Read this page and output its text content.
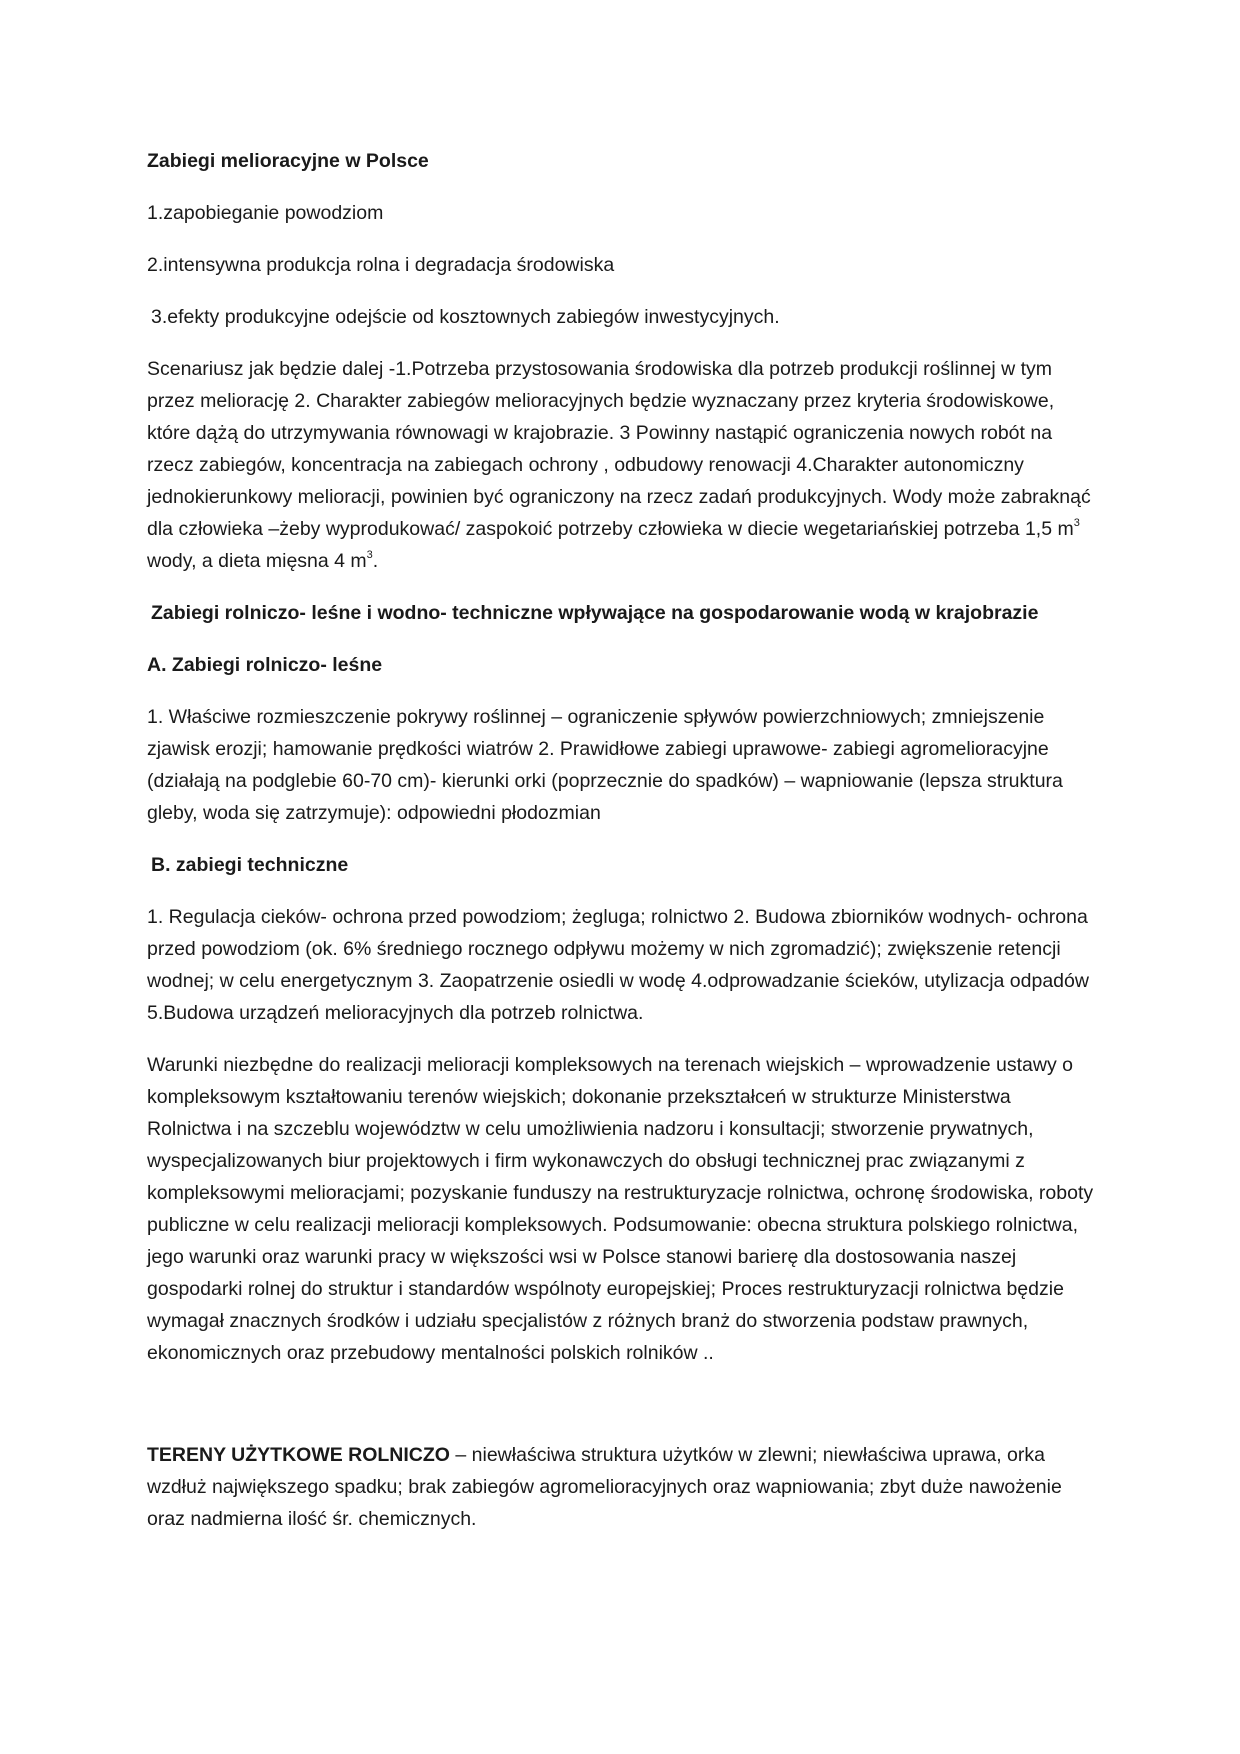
Zabiegi melioracyjne w Polsce

1.zapobieganie powodziom

2.intensywna produkcja rolna i degradacja środowiska

3.efekty produkcyjne odejście od kosztownych zabiegów inwestycyjnych.

Scenariusz jak będzie dalej -1.Potrzeba przystosowania środowiska dla potrzeb produkcji roślinnej w tym przez meliorację 2. Charakter zabiegów melioracyjnych będzie wyznaczany przez kryteria środowiskowe, które dążą do utrzymywania równowagi w krajobrazie. 3 Powinny nastąpić ograniczenia nowych robót na rzecz zabiegów, koncentracja na zabiegach ochrony , odbudowy renowacji 4.Charakter autonomiczny jednokierunkowy melioracji, powinien być ograniczony na rzecz zadań produkcyjnych. Wody może zabraknąć dla człowieka –żeby wyprodukować/ zaspokoić potrzeby człowieka w diecie wegetariańskiej potrzeba 1,5 $m^3$ wody, a dieta mięsna 4 $m^3$.

Zabiegi rolniczo- leśne i wodno- techniczne wpływające na gospodarowanie wodą w krajobrazie

A. Zabiegi rolniczo- leśne

1. Właściwe rozmieszczenie pokrywy roślinnej – ograniczenie spływów powierzchniowych; zmniejszenie zjawisk erozji; hamowanie prędkości wiatrów 2. Prawidłowe zabiegi uprawowe- zabiegi agromelioracyjne (działają na podglebie 60-70 cm)- kierunki orki (poprzecznie do spadków) – wapniowanie (lepsza struktura gleby, woda się zatrzymuje): odpowiedni płodozmian

B. zabiegi techniczne

1. Regulacja cieków- ochrona przed powodziom; żegluga; rolnictwo 2. Budowa zbiorników wodnych- ochrona przed powodziom (ok. 6% średniego rocznego odpływu możemy w nich zgromadzić); zwiększenie retencji wodnej; w celu energetycznym 3. Zaopatrzenie osiedli w wodę 4.odprowadzanie ścieków, utylizacja odpadów 5.Budowa urządzeń melioracyjnych dla potrzeb rolnictwa.

Warunki niezbędne do realizacji melioracji kompleksowych na terenach wiejskich – wprowadzenie ustawy o kompleksowym kształtowaniu terenów wiejskich; dokonanie przekształceń w strukturze Ministerstwa Rolnictwa i na szczeblu województw w celu umożliwienia nadzoru i konsultacji; stworzenie prywatnych, wyspecjalizowanych biur projektowych i firm wykonawczych do obsługi technicznej prac związanymi z kompleksowymi melioracjami; pozyskanie funduszy na restrukturyzacje rolnictwa, ochronę środowiska, roboty publiczne w celu realizacji melioracji kompleksowych. Podsumowanie: obecna struktura polskiego rolnictwa, jego warunki oraz warunki pracy w większości wsi w Polsce stanowi barierę dla dostosowania naszej gospodarki rolnej do struktur i standardów wspólnoty europejskiej; Proces restrukturyzacji rolnictwa będzie wymagał znacznych środków i udziału specjalistów z różnych branż do stworzenia podstaw prawnych, ekonomicznych oraz przebudowy mentalności polskich rolników ..

TERENY UŻYTKOWE ROLNICZO – niewłaściwa struktura użytków w zlewni; niewłaściwa uprawa, orka wzdłuż największego spadku; brak zabiegów agromelioracyjnych oraz wapniowania; zbyt duże nawożenie oraz nadmierna ilość śr. chemicznych.
